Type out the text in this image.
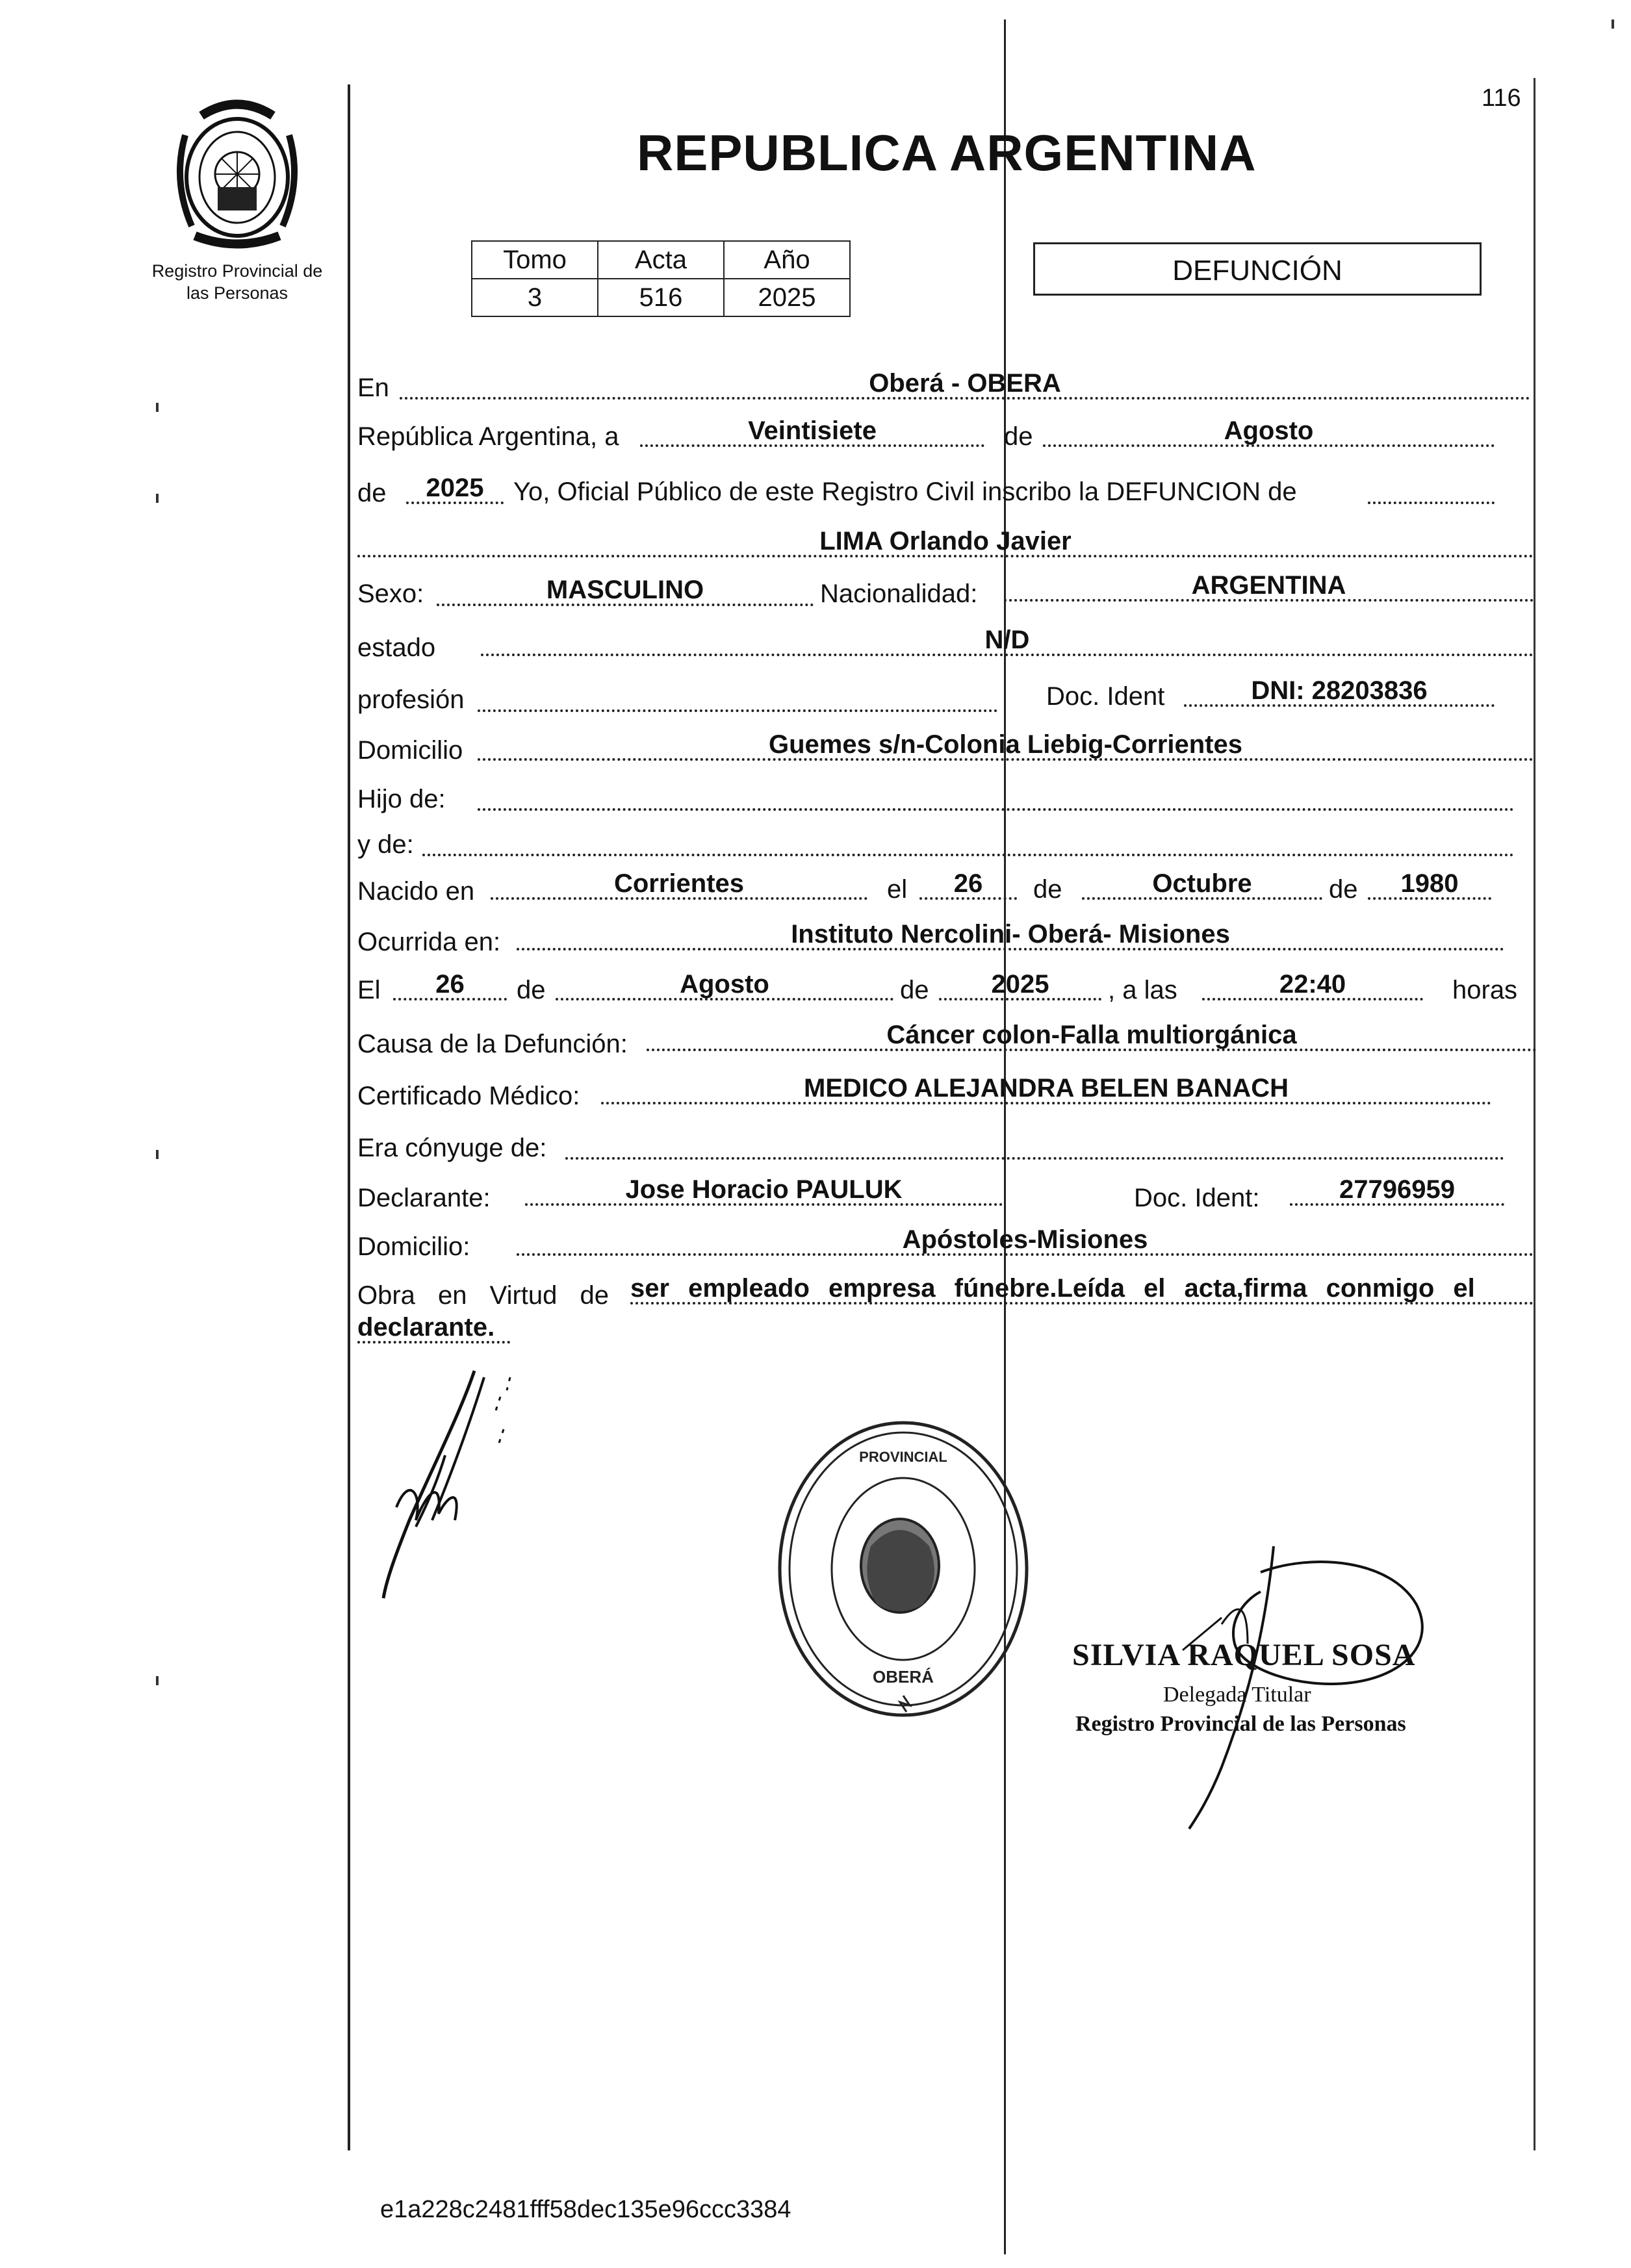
Registro Provincial de
las Personas
116
REPUBLICA ARGENTINA
Tomo	Acta	Año
3	516	2025
DEFUNCIÓN
En	Oberá - OBERA
República Argentina, a	Veintisiete	de	Agosto
de	2025	Yo, Oficial Público de este Registro Civil inscribo la DEFUNCION de
LIMA Orlando Javier
Sexo:	MASCULINO	Nacionalidad:	ARGENTINA
estado	N/D
profesión	Doc. Ident	DNI: 28203836
Domicilio	Guemes s/n-Colonia Liebig-Corrientes
Hijo de:
y de:
Nacido en	Corrientes	el	26	de	Octubre	de	1980
Ocurrida en:	Instituto Nercolini- Oberá- Misiones
El	26	de	Agosto	de	2025	, a las	22:40	horas
Causa de la Defunción:	Cáncer colon-Falla multiorgánica
Certificado Médico:	MEDICO ALEJANDRA BELEN BANACH
Era cónyuge de:
Declarante:	Jose Horacio PAULUK	Doc. Ident:	27796959
Domicilio:	Apóstoles-Misiones
Obra en Virtud de ser empleado empresa fúnebre.Leída el acta,firma conmigo el
declarante.
PROVINCIAL
OBERÁ
SILVIA RAQUEL SOSA
Delegada Titular
Registro Provincial de las Personas
e1a228c2481fff58dec135e96ccc3384
